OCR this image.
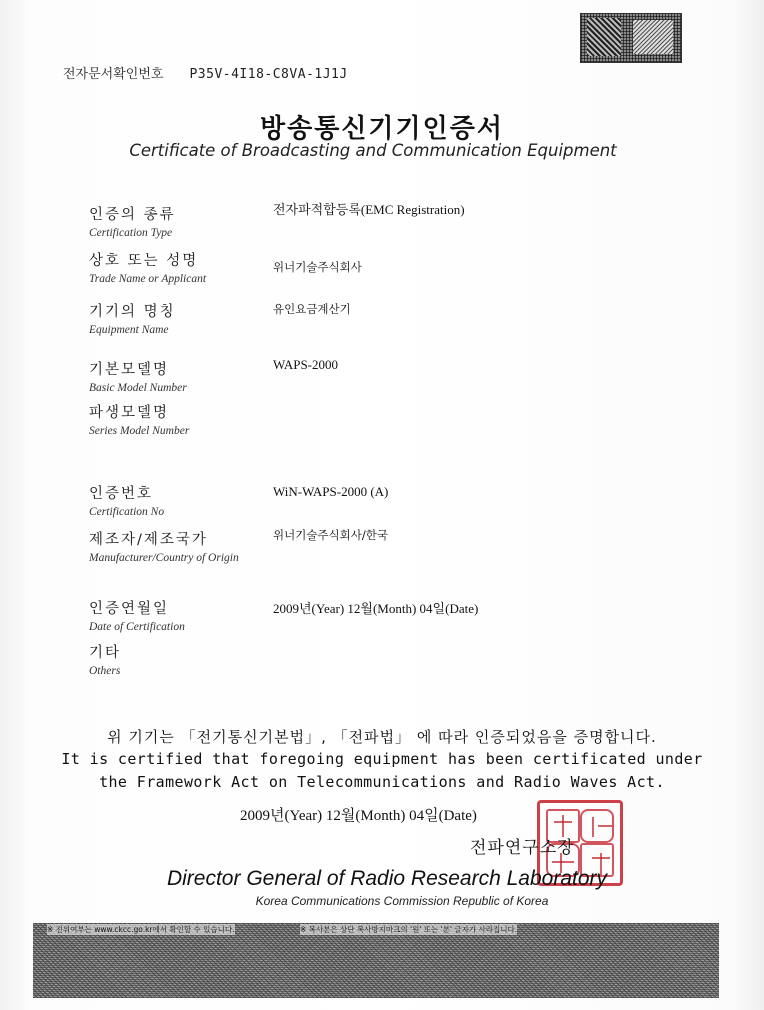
전자문서확인번호 P35V-4I18-C8VA-1J1J
방송통신기기인증서
Certificate of Broadcasting and Communication Equipment
인증의 종류
Certification Type
전자파적합등록(EMC Registration)
상호 또는 성명
Trade Name or Applicant
위너기술주식회사
기기의 명칭
Equipment Name
유인요금계산기
기본모델명
Basic Model Number
WAPS-2000
파생모델명
Series Model Number
인증번호
Certification No
WiN-WAPS-2000 (A)
제조자/제조국가
Manufacturer/Country of Origin
위너기술주식회사/한국
인증연월일
Date of Certification
2009년(Year) 12월(Month) 04일(Date)
기타
Others
위 기기는 「전기통신기본법」, 「전파법」 에 따라 인증되었음을 증명합니다.
It is certified that foregoing equipment has been certificated under
the Framework Act on Telecommunications and Radio Waves Act.
2009년(Year) 12월(Month) 04일(Date)
전파연구소장
Director General of Radio Research Laboratory
Korea Communications Commission Republic of Korea
※ 진위여부는 www.ckcc.go.kr에서 확인할 수 있습니다.	※ 복사본은 상단 복사방지마크의 '원' 또는 '본' 글자가 사라집니다.
